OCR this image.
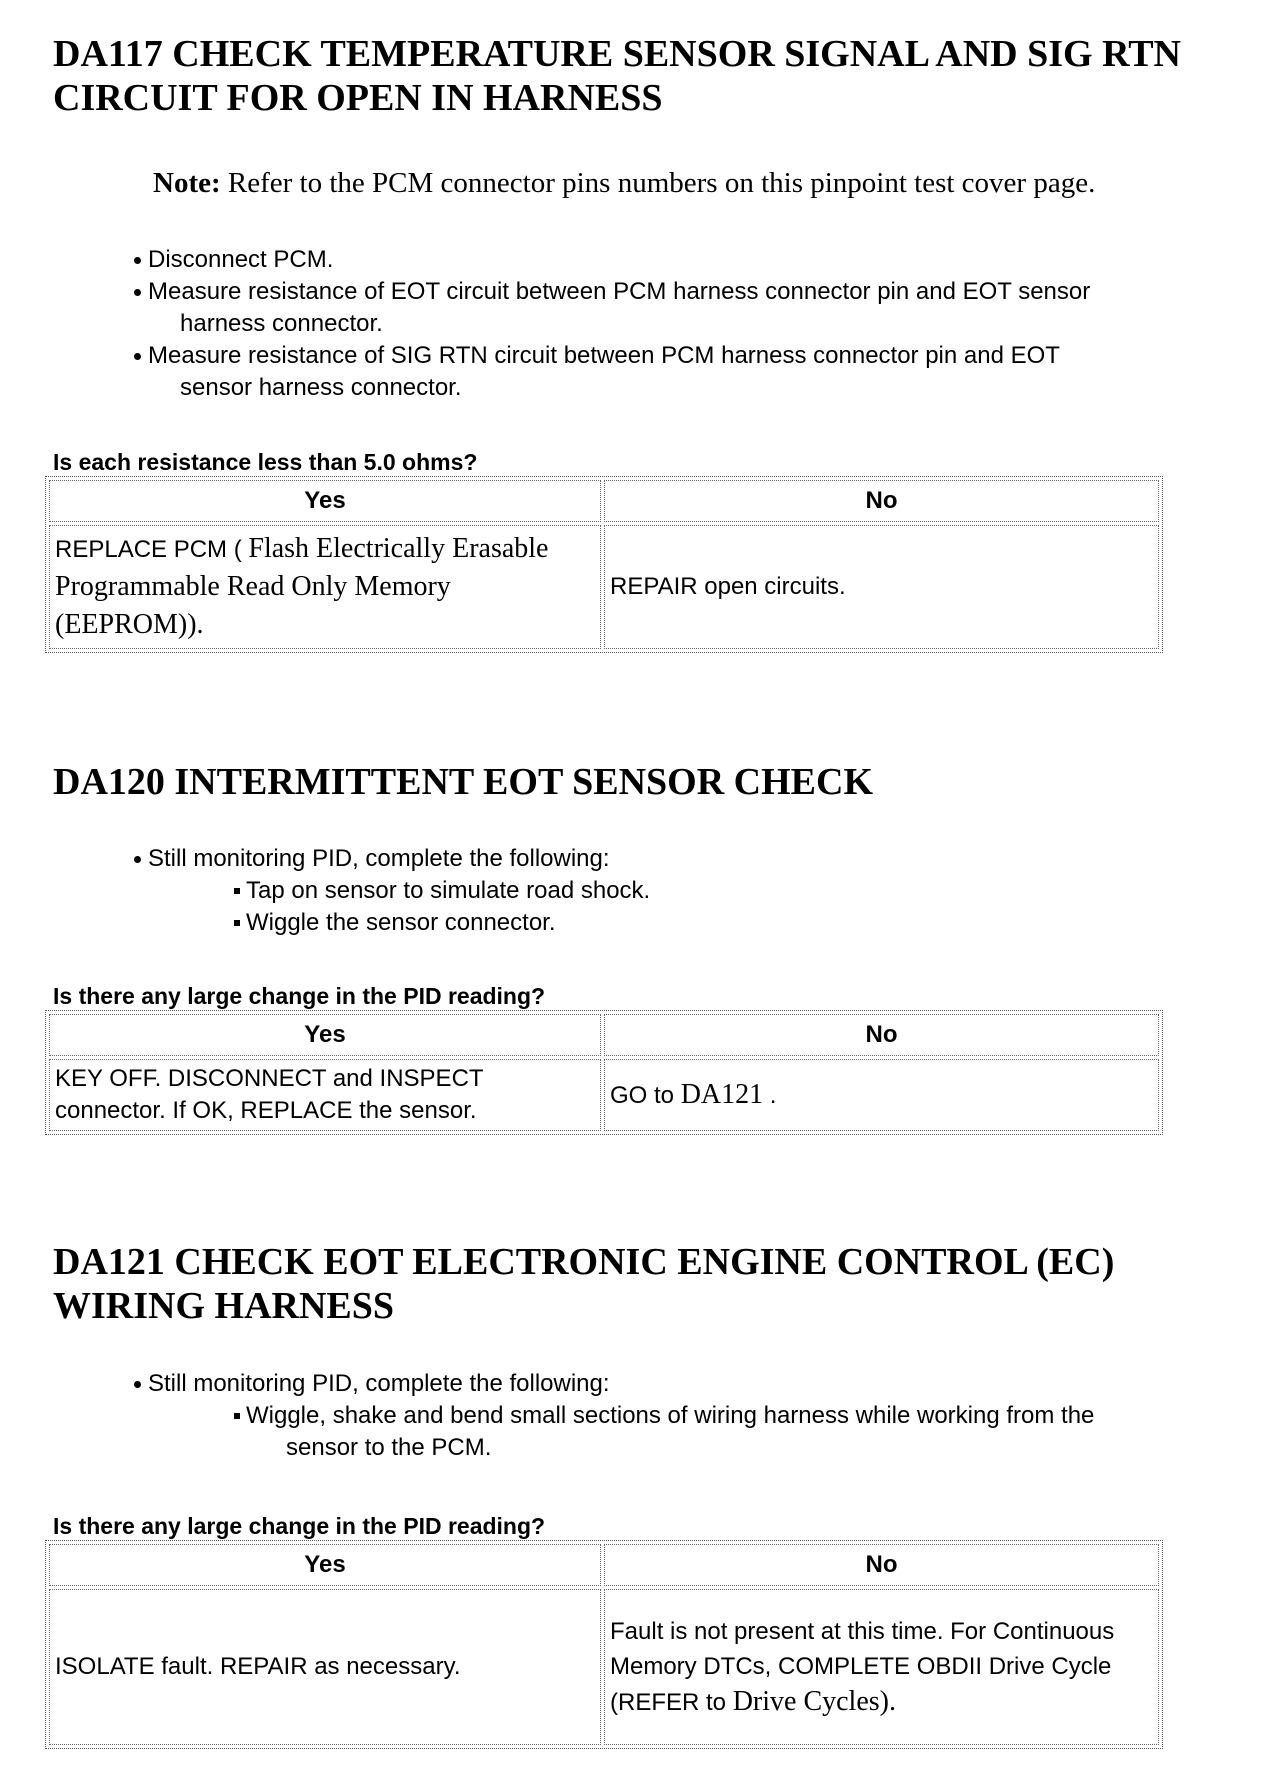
DA117 CHECK TEMPERATURE SENSOR SIGNAL AND SIG RTN
CIRCUIT FOR OPEN IN HARNESS

Note: Refer to the PCM connector pins numbers on this pinpoint test cover page.

Disconnect PCM.
Measure resistance of EOT circuit between PCM harness connector pin and EOT sensor
harness connector.
Measure resistance of SIG RTN circuit between PCM harness connector pin and EOT
sensor harness connector.

Is each resistance less than 5.0 ohms?

Yes	No
REPLACE PCM ( Flash Electrically Erasable Programmable Read Only Memory (EEPROM)).	REPAIR open circuits.
DA120 INTERMITTENT EOT SENSOR CHECK
Still monitoring PID, complete the following:
Tap on sensor to simulate road shock.
Wiggle the sensor connector.

Is there any large change in the PID reading?

Yes	No
KEY OFF. DISCONNECT and INSPECT
connector. If OK, REPLACE the sensor.	GO to DA121 .
DA121 CHECK EOT ELECTRONIC ENGINE CONTROL (EC)
WIRING HARNESS
Still monitoring PID, complete the following:
Wiggle, shake and bend small sections of wiring harness while working from the
sensor to the PCM.

Is there any large change in the PID reading?

Yes	No
ISOLATE fault. REPAIR as necessary.	Fault is not present at this time. For Continuous Memory DTCs, COMPLETE OBDII Drive Cycle (REFER to Drive Cycles).
